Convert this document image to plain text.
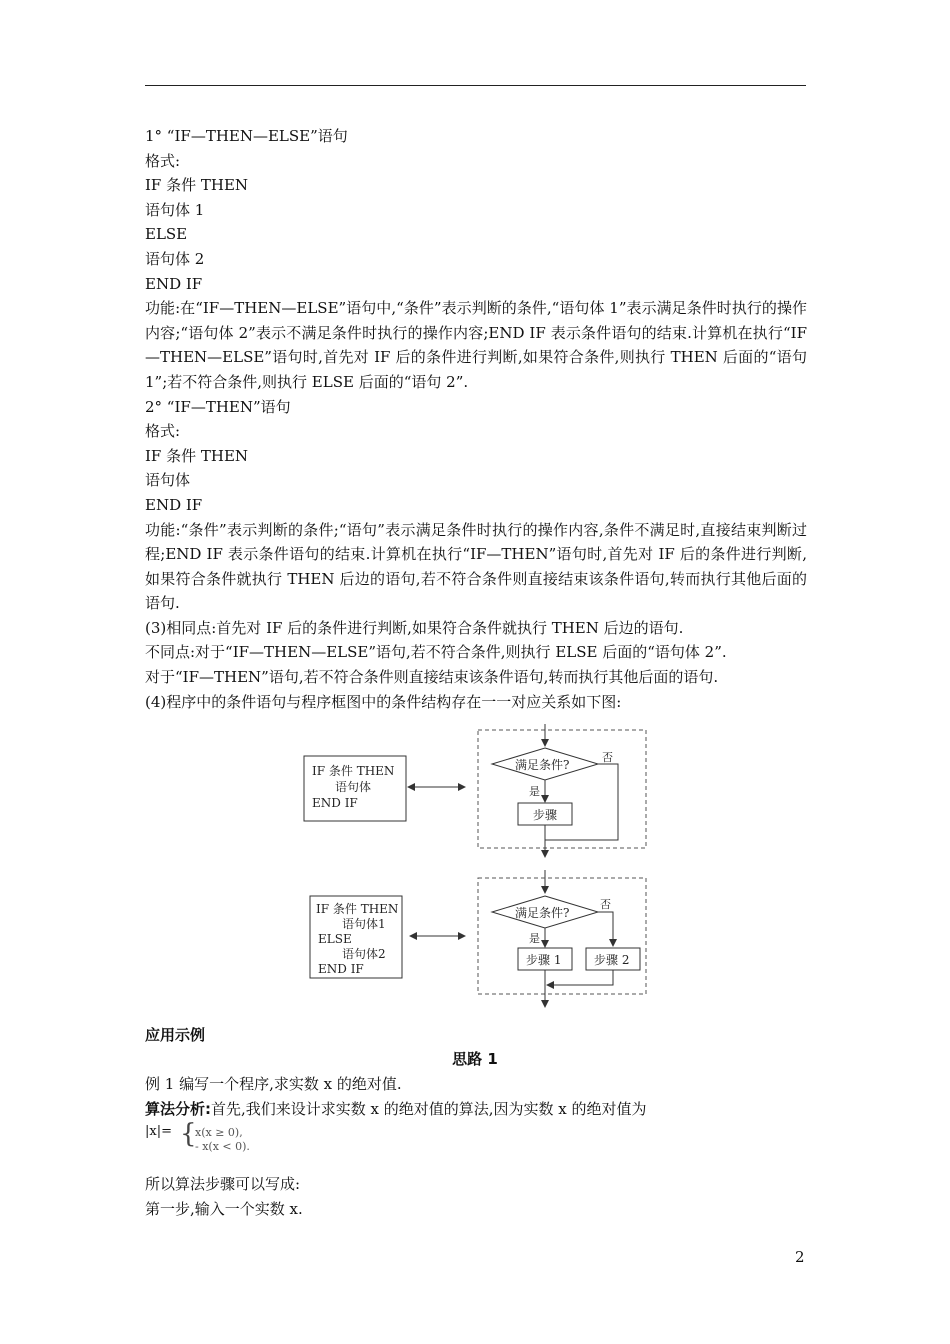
1° “IF—THEN—ELSE”语句
格式:
IF 条件 THEN
语句体 1
ELSE
语句体 2
END IF
功能:在“IF—THEN—ELSE”语句中,“条件”表示判断的条件,“语句体 1”表示满足条件时执行的操作内容;“语句体 2”表示不满足条件时执行的操作内容;END IF 表示条件语句的结束.计算机在执行“IF—THEN—ELSE”语句时,首先对 IF 后的条件进行判断,如果符合条件,则执行 THEN 后面的“语句 1”;若不符合条件,则执行 ELSE 后面的“语句 2”.
2° “IF—THEN”语句
格式:
IF 条件 THEN
语句体
END IF
功能:“条件”表示判断的条件;“语句”表示满足条件时执行的操作内容,条件不满足时,直接结束判断过程;END IF 表示条件语句的结束.计算机在执行“IF—THEN”语句时,首先对 IF 后的条件进行判断,如果符合条件就执行 THEN 后边的语句,若不符合条件则直接结束该条件语句,转而执行其他后面的语句.
(3)相同点:首先对 IF 后的条件进行判断,如果符合条件就执行 THEN 后边的语句.
不同点:对于“IF—THEN—ELSE”语句,若不符合条件,则执行 ELSE 后面的“语句体 2”.
对于“IF—THEN”语句,若不符合条件则直接结束该条件语句,转而执行其他后面的语句.
(4)程序中的条件语句与程序框图中的条件结构存在一一对应关系如下图:
IF 条件 THEN
语句体
END IF
满足条件?
否
是
步骤
IF 条件 THEN
语句体1
ELSE
语句体2
END IF
满足条件?
否
是
步骤 1	步骤 2
应用示例
思路 1
例 1 编写一个程序,求实数 x 的绝对值.
算法分析:首先,我们来设计求实数 x 的绝对值的算法,因为实数 x 的绝对值为
|x|= {
x(x ≥ 0),
- x(x < 0).
所以算法步骤可以写成:
第一步,输入一个实数 x.
2
